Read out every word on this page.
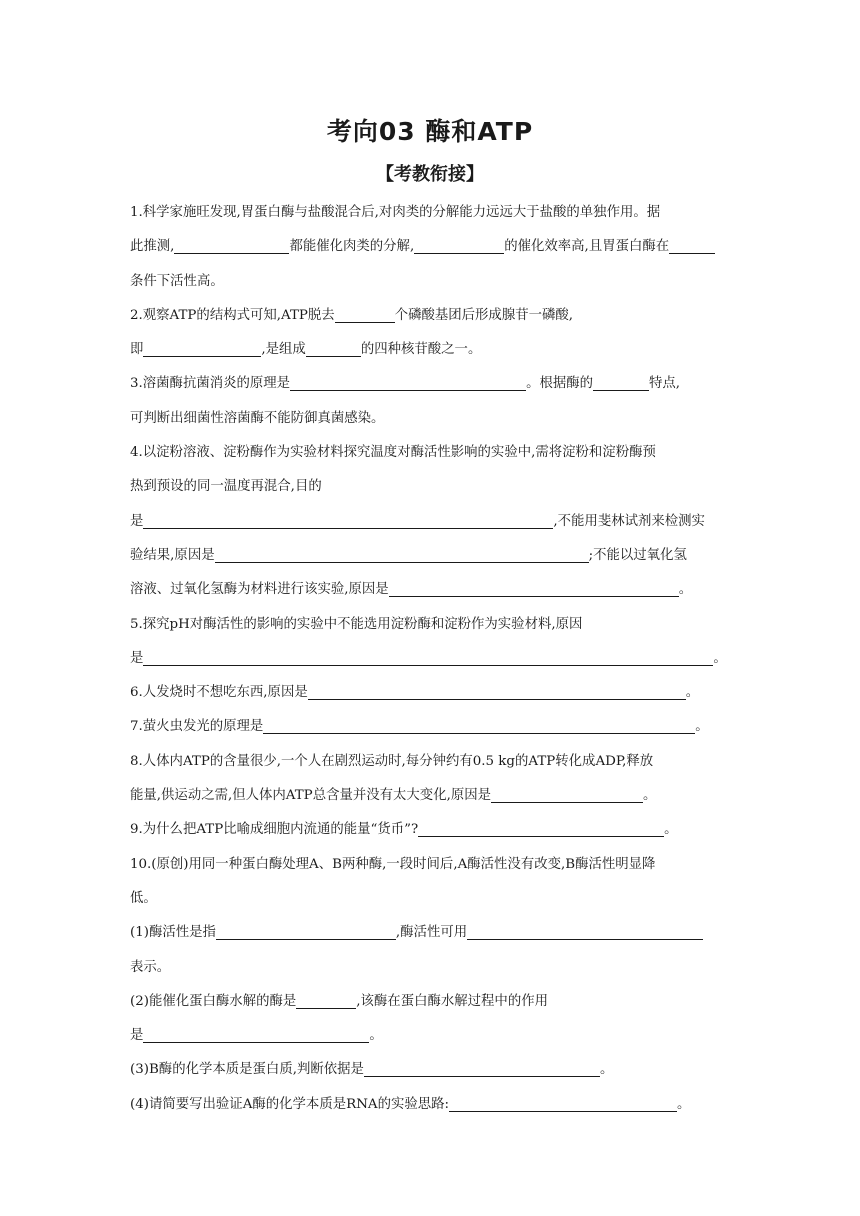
考向03 酶和ATP
【考教衔接】
1.科学家施旺发现,胃蛋白酶与盐酸混合后,对肉类的分解能力远远大于盐酸的单独作用。据
此推测,	都能催化肉类的分解,	的催化效率高,且胃蛋白酶在
条件下活性高。
2.观察ATP的结构式可知,ATP脱去	个磷酸基团后形成腺苷一磷酸,
即	,是组成	的四种核苷酸之一。
3.溶菌酶抗菌消炎的原理是	。根据酶的	特点,
可判断出细菌性溶菌酶不能防御真菌感染。
4.以淀粉溶液、淀粉酶作为实验材料探究温度对酶活性影响的实验中,需将淀粉和淀粉酶预
热到预设的同一温度再混合,目的
是	,不能用斐林试剂来检测实
验结果,原因是	;不能以过氧化氢
溶液、过氧化氢酶为材料进行该实验,原因是	。
5.探究pH对酶活性的影响的实验中不能选用淀粉酶和淀粉作为实验材料,原因
是	。
6.人发烧时不想吃东西,原因是	。
7.萤火虫发光的原理是	。
8.人体内ATP的含量很少,一个人在剧烈运动时,每分钟约有0.5 kg的ATP转化成ADP,释放
能量,供运动之需,但人体内ATP总含量并没有太大变化,原因是	。
9.为什么把ATP比喻成细胞内流通的能量“货币”?	。
10.(原创)用同一种蛋白酶处理A、B两种酶,一段时间后,A酶活性没有改变,B酶活性明显降
低。
(1)酶活性是指	,酶活性可用
表示。
(2)能催化蛋白酶水解的酶是	,该酶在蛋白酶水解过程中的作用
是	。
(3)B酶的化学本质是蛋白质,判断依据是	。
(4)请简要写出验证A酶的化学本质是RNA的实验思路:	。
